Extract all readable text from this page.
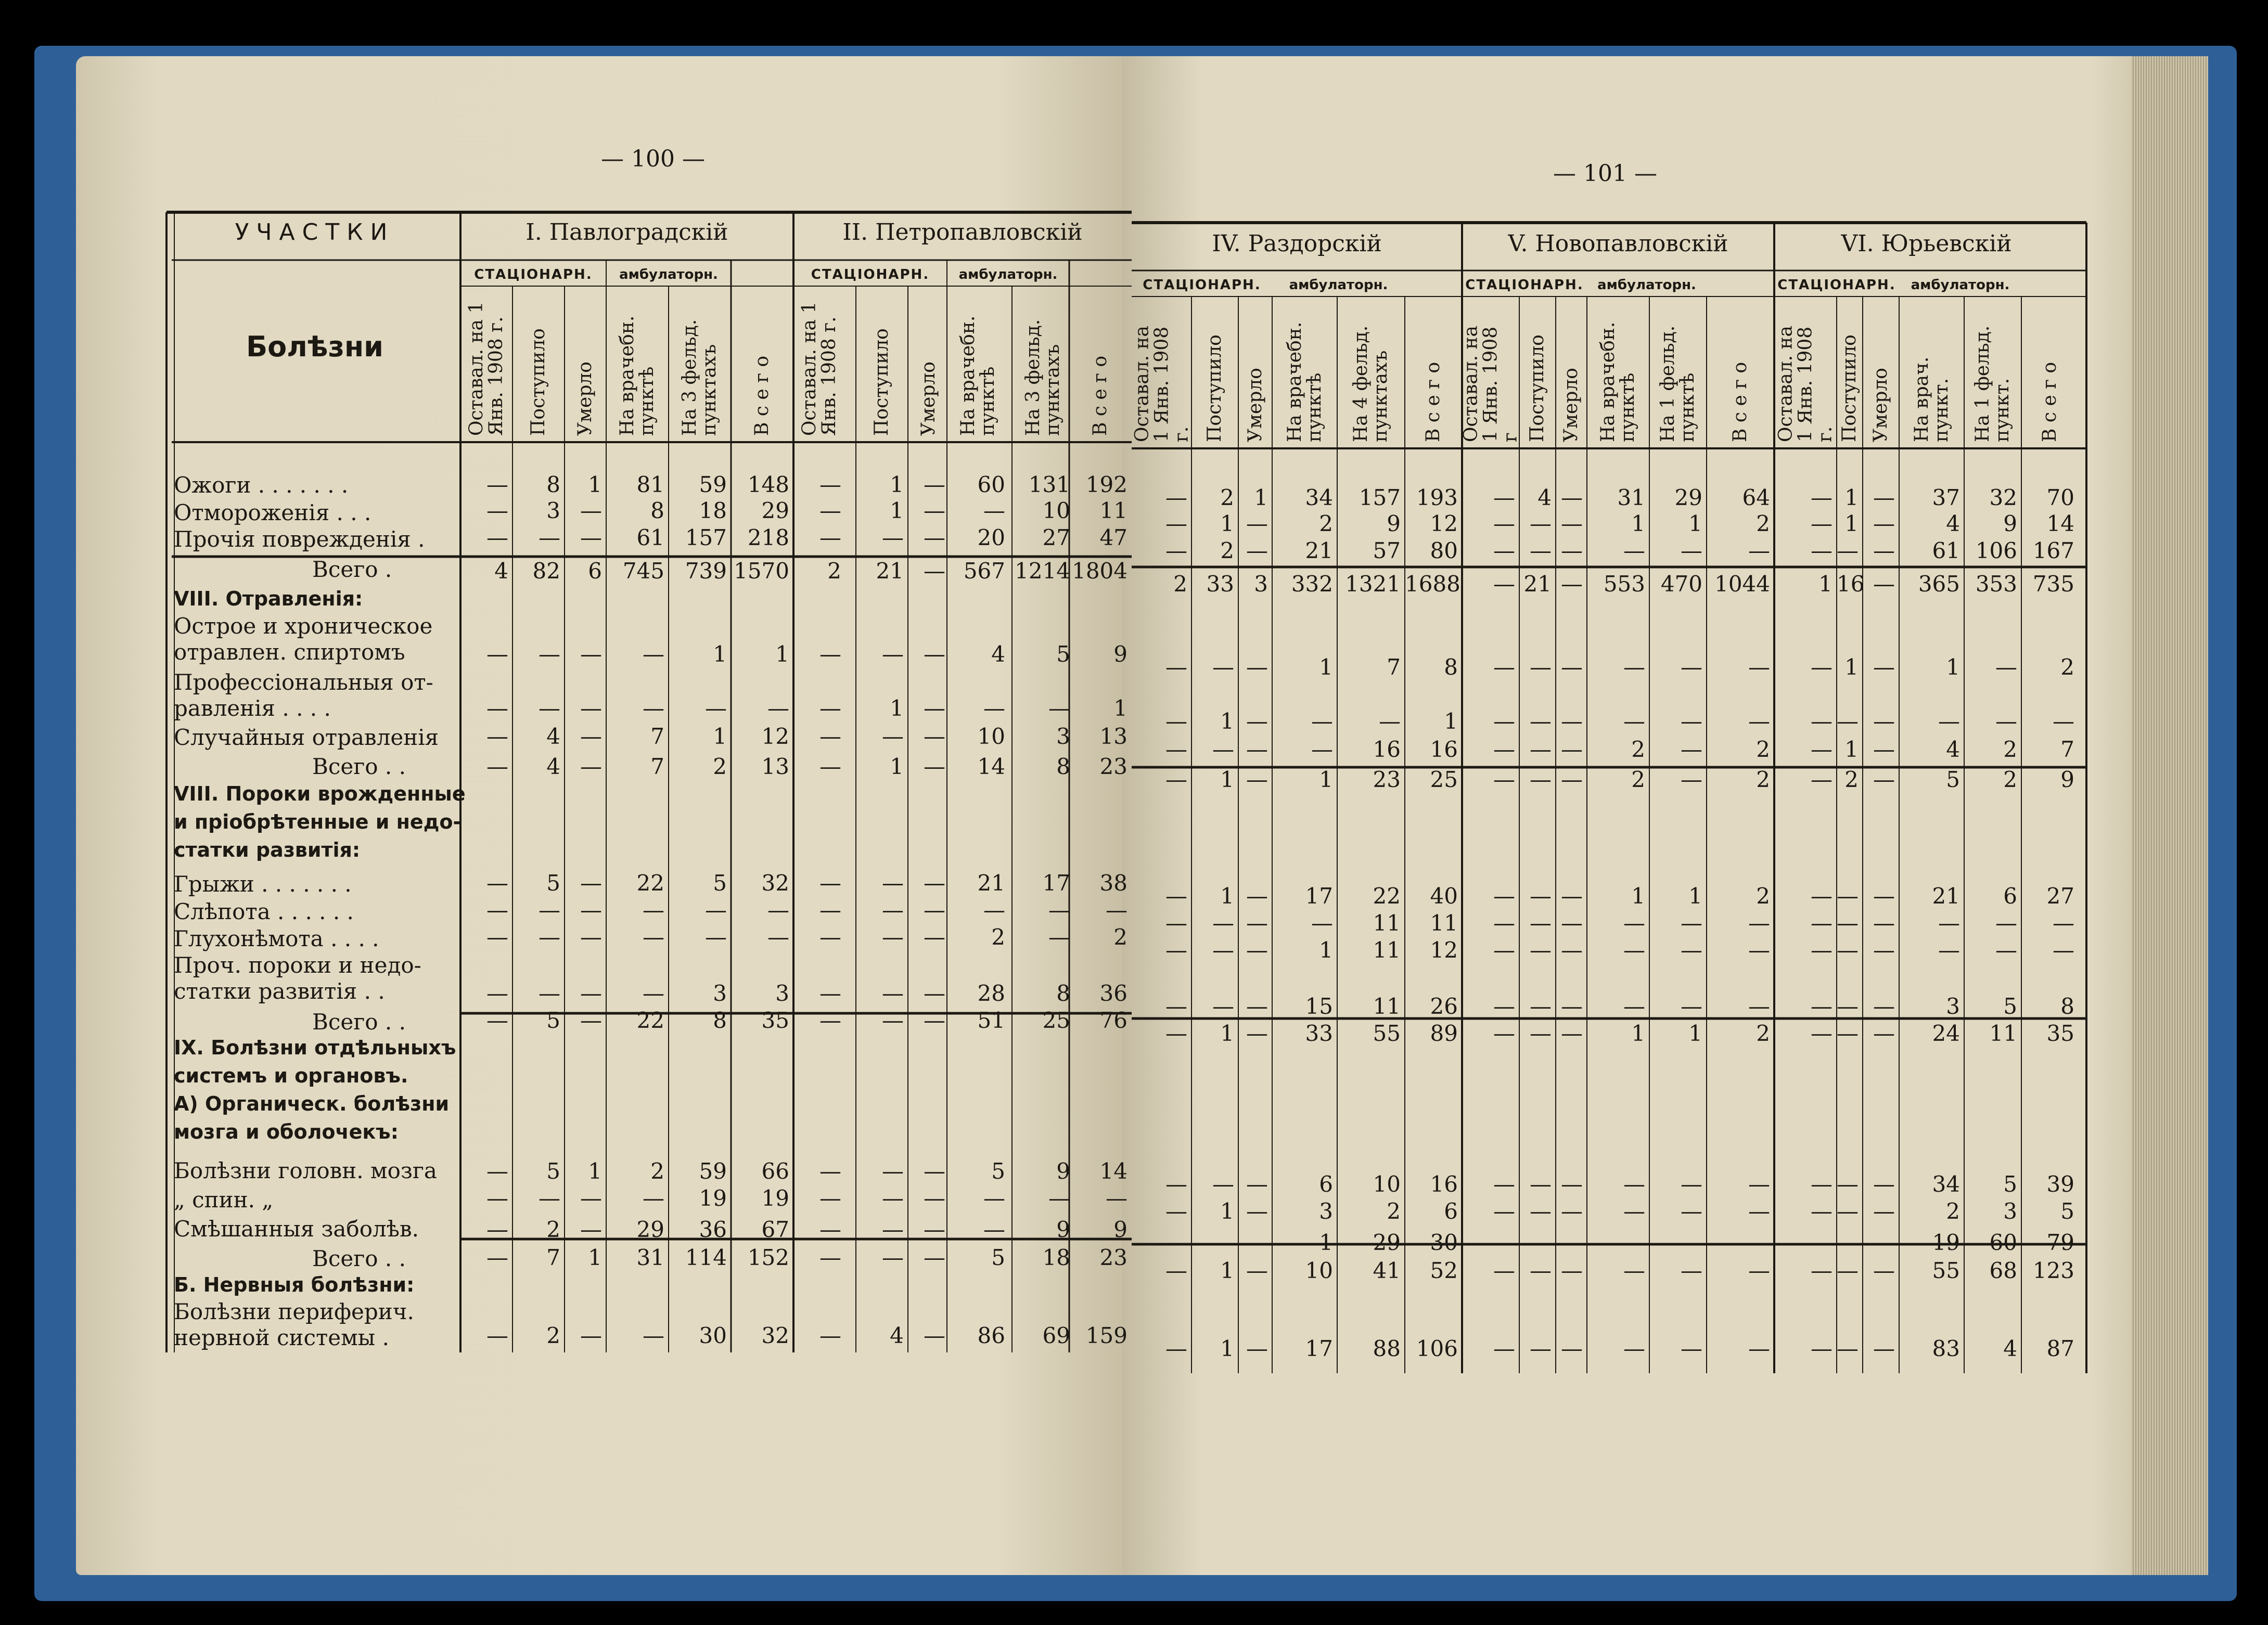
— 100 —
— 101 —
УЧАСТКИ
Болѣзни
I. Павлоградскій
СТАЦІОНАРН.	амбулаторн.
Оставал. на 1 Янв. 1908 г. Поступило Умерло На врачебн. пунктѣ На 3 фельд. пунктахъ В с е г о
II. Петропавловскій
СТАЦІОНАРН.	амбулаторн.
Оставал. на 1 Янв. 1908 г. Поступило Умерло На врачебн. пунктѣ На 3 фельд. пунктахъ В с е г о
Ожоги . . . . . . .	—	8	1	81	59 148	—	1 —	60	131 192
Отмороженія . . .	—	3 —	8	18	29	—	1 —	—	10	11
Прочія поврежденія .	—	— —	61 157 218	—	— —	20	27	47
Всего .	4	82	6 745 739 1570	2	21 — 567 1214 1804
VIII. Отравленія:
Острое и хроническое
отравлен. спиртомъ	—	— —	—	1	1	—	— —	4	5	9
Профессіональныя от-
равленія . . . .	—	— —	—	—	—	—	1 —	—	—	1
Случайныя отравленія	—	4 —	7	1	12	—	— —	10	3	13
Всего . .	—	4 —	7	2	13	—	1 —	14	8	23
VIII. Пороки врожденные
и пріобрѣтенные и недо-
статки развитія:
Грыжи . . . . . . .	—	5 —	22	5	32	—	— —	21	17	38
Слѣпота . . . . . .	—	— —	—	—	—	—	— —	—	—	—
Глухонѣмота . . . .	—	— —	—	—	—	—	— —	2	—	2
Проч. пороки и недо-
статки развитія . .	—	— —	—	3	3	—	— —	28	8	36
Всего . .	—	5 —	22	8	35	—	— —	51	25	76
IX. Болѣзни отдѣльныхъ
системъ и органовъ.
А) Органическ. болѣзни
мозга и оболочекъ:
Болѣзни головн. мозга	—	5	1	2	59	66	—	— —	5	9	14
„ спин. „	—	— —	—	19	19	—	— —	—	—	—
Смѣшанныя заболѣв.	—	2 —	29	36	67	—	— —	—	9	9
Всего . .	—	7	1	31 114 152	—	— —	5	18	23
Б. Нервныя болѣзни:
Болѣзни периферич.
нервной системы .	—	2 —	—	30	32	—	4 —	86	69 159
IV. Раздорскій
СТАЦІОНАРН.	амбулаторн.
Оставал. на 1 Янв. 1908 г. Поступило Умерло На врачебн. пунктѣ На 4 фельд. пунктахъ В с е г о
V. Новопавловскій
СТАЦІОНАРН.	амбулаторн.
Оставал. на 1 Янв. 1908 г Поступило Умерло На врачебн. пунктѣ На 1 фельд. пунктѣ В с е г о
VI. Юрьевскій
СТАЦІОНАРН.	амбулаторн.
Оставал. на 1 Янв. 1908 г. Поступило Умерло На врач. пункт. На 1 фельд. пункт. В с е г о
—	2 1	34	157 193	—	4 —	31	29	64	— 1 —	37	32	70
—	1 —	2	9	12	— — —	1	1	2	— 1 —	4	9	14
—	2 —	21	57	80	— — —	—	—	—	— — —	61 106 167
2 33 3	332 1321 1688	— 21 — 553 470 1044	1 16 —	365 353 735
—	— —	1	7	8	— — —	—	—	—	— 1 —	1	—	2
—	1 —	—	—	1	— — —	—	—	—	— — —	—	—	—
—	— —	—	16	16	— — —	2	—	2	— 1 —	4	2	7
—	1 —	1	23	25	— — —	2	—	2	— 2 —	5	2	9
—	1 —	17	22	40	— — —	1	1	2	— — —	21	6	27
—	— —	—	11	11	— — —	—	—	—	— — —	—	—	—
—	— —	1	11	12	— — —	—	—	—	— — —	—	—	—
—	— —	15	11	26	— — —	—	—	—	— — —	3	5	8
—	1 —	33	55	89	— — —	1	1	2	— — —	24	11	35
—	— —	6	10	16	— — —	—	—	—	— — —	34	5	39
—	1 —	3	2	6	— — —	—	—	—	— — —	2	3	5
—	— —	1	29	30	— — —	—	—	—	— — —	19	60	79
—	1 —	10	41	52	— — —	—	—	—	— — —	55	68 123
—	1 —	17	88 106	— — —	—	—	—	— — —	83	4	87
